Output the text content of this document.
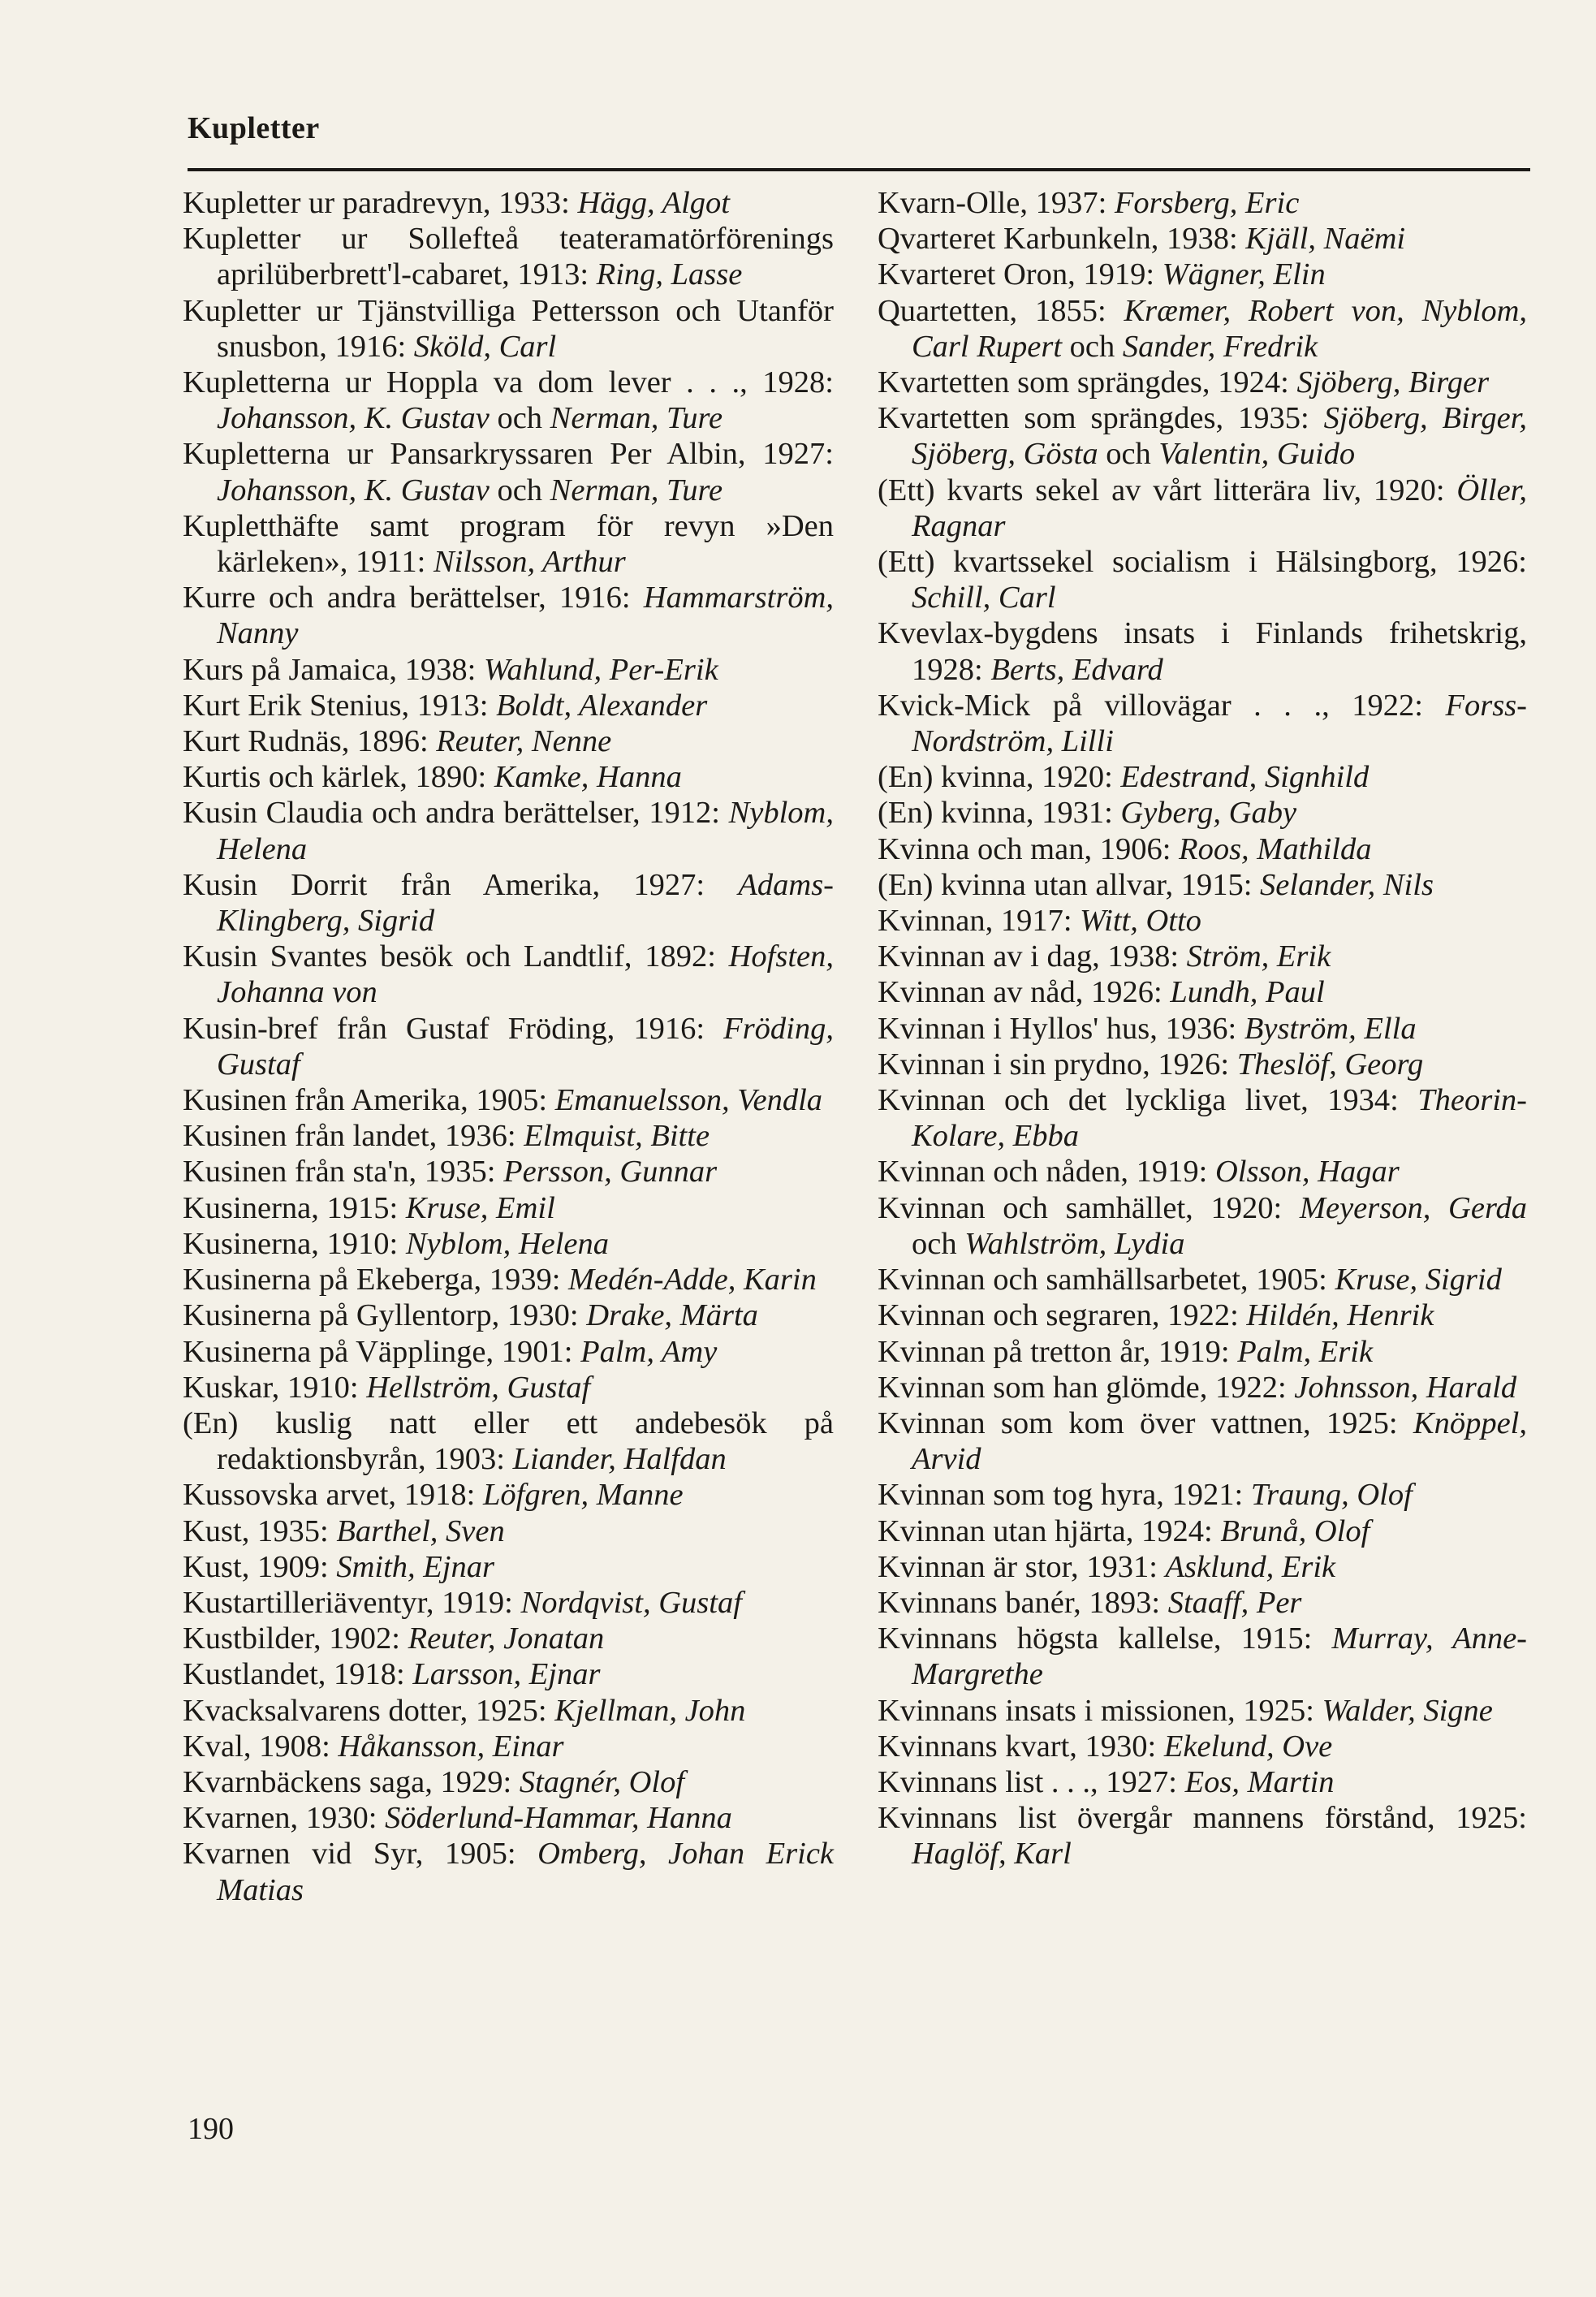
Kupletter

Kupletter ur paradrevyn, 1933: Hägg, Algot

Kupletter ur Sollefteå teateramatörförenings aprilüberbrett'l-cabaret, 1913: Ring, Lasse

Kupletter ur Tjänstvilliga Pettersson och Utanför snusbon, 1916: Sköld, Carl

Kupletterna ur Hoppla va dom lever . . ., 1928: Johansson, K. Gustav och Nerman, Ture

Kupletterna ur Pansarkryssaren Per Albin, 1927: Johansson, K. Gustav och Nerman, Ture

Kupletthäfte samt program för revyn »Den kärleken», 1911: Nilsson, Arthur

Kurre och andra berättelser, 1916: Hammarström, Nanny

Kurs på Jamaica, 1938: Wahlund, Per-Erik

Kurt Erik Stenius, 1913: Boldt, Alexander

Kurt Rudnäs, 1896: Reuter, Nenne

Kurtis och kärlek, 1890: Kamke, Hanna

Kusin Claudia och andra berättelser, 1912: Nyblom, Helena

Kusin Dorrit från Amerika, 1927: Adams-Klingberg, Sigrid

Kusin Svantes besök och Landtlif, 1892: Hofsten, Johanna von

Kusin-bref från Gustaf Fröding, 1916: Fröding, Gustaf

Kusinen från Amerika, 1905: Emanuelsson, Vendla

Kusinen från landet, 1936: Elmquist, Bitte

Kusinen från sta'n, 1935: Persson, Gunnar

Kusinerna, 1915: Kruse, Emil

Kusinerna, 1910: Nyblom, Helena

Kusinerna på Ekeberga, 1939: Medén-Adde, Karin

Kusinerna på Gyllentorp, 1930: Drake, Märta

Kusinerna på Väpplinge, 1901: Palm, Amy

Kuskar, 1910: Hellström, Gustaf

(En) kuslig natt eller ett andebesök på redaktionsbyrån, 1903: Liander, Halfdan

Kussovska arvet, 1918: Löfgren, Manne

Kust, 1935: Barthel, Sven

Kust, 1909: Smith, Ejnar

Kustartilleriäventyr, 1919: Nordqvist, Gustaf

Kustbilder, 1902: Reuter, Jonatan

Kustlandet, 1918: Larsson, Ejnar

Kvacksalvarens dotter, 1925: Kjellman, John

Kval, 1908: Håkansson, Einar

Kvarnbäckens saga, 1929: Stagnér, Olof

Kvarnen, 1930: Söderlund-Hammar, Hanna

Kvarnen vid Syr, 1905: Omberg, Johan Erick Matias

Kvarn-Olle, 1937: Forsberg, Eric

Qvarteret Karbunkeln, 1938: Kjäll, Naëmi

Kvarteret Oron, 1919: Wägner, Elin

Quartetten, 1855: Kræmer, Robert von, Nyblom, Carl Rupert och Sander, Fredrik

Kvartetten som sprängdes, 1924: Sjöberg, Birger

Kvartetten som sprängdes, 1935: Sjöberg, Birger, Sjöberg, Gösta och Valentin, Guido

(Ett) kvarts sekel av vårt litterära liv, 1920: Öller, Ragnar

(Ett) kvartssekel socialism i Hälsingborg, 1926: Schill, Carl

Kvevlax-bygdens insats i Finlands frihetskrig, 1928: Berts, Edvard

Kvick-Mick på villovägar . . ., 1922: Forss-Nordström, Lilli

(En) kvinna, 1920: Edestrand, Signhild

(En) kvinna, 1931: Gyberg, Gaby

Kvinna och man, 1906: Roos, Mathilda

(En) kvinna utan allvar, 1915: Selander, Nils

Kvinnan, 1917: Witt, Otto

Kvinnan av i dag, 1938: Ström, Erik

Kvinnan av nåd, 1926: Lundh, Paul

Kvinnan i Hyllos' hus, 1936: Byström, Ella

Kvinnan i sin prydno, 1926: Theslöf, Georg

Kvinnan och det lyckliga livet, 1934: Theorin-Kolare, Ebba

Kvinnan och nåden, 1919: Olsson, Hagar

Kvinnan och samhället, 1920: Meyerson, Gerda och Wahlström, Lydia

Kvinnan och samhällsarbetet, 1905: Kruse, Sigrid

Kvinnan och segraren, 1922: Hildén, Henrik

Kvinnan på tretton år, 1919: Palm, Erik

Kvinnan som han glömde, 1922: Johnsson, Harald

Kvinnan som kom över vattnen, 1925: Knöppel, Arvid

Kvinnan som tog hyra, 1921: Traung, Olof

Kvinnan utan hjärta, 1924: Brunå, Olof

Kvinnan är stor, 1931: Asklund, Erik

Kvinnans banér, 1893: Staaff, Per

Kvinnans högsta kallelse, 1915: Murray, Anne-Margrethe

Kvinnans insats i missionen, 1925: Walder, Signe

Kvinnans kvart, 1930: Ekelund, Ove

Kvinnans list . . ., 1927: Eos, Martin

Kvinnans list övergår mannens förstånd, 1925: Haglöf, Karl

190
